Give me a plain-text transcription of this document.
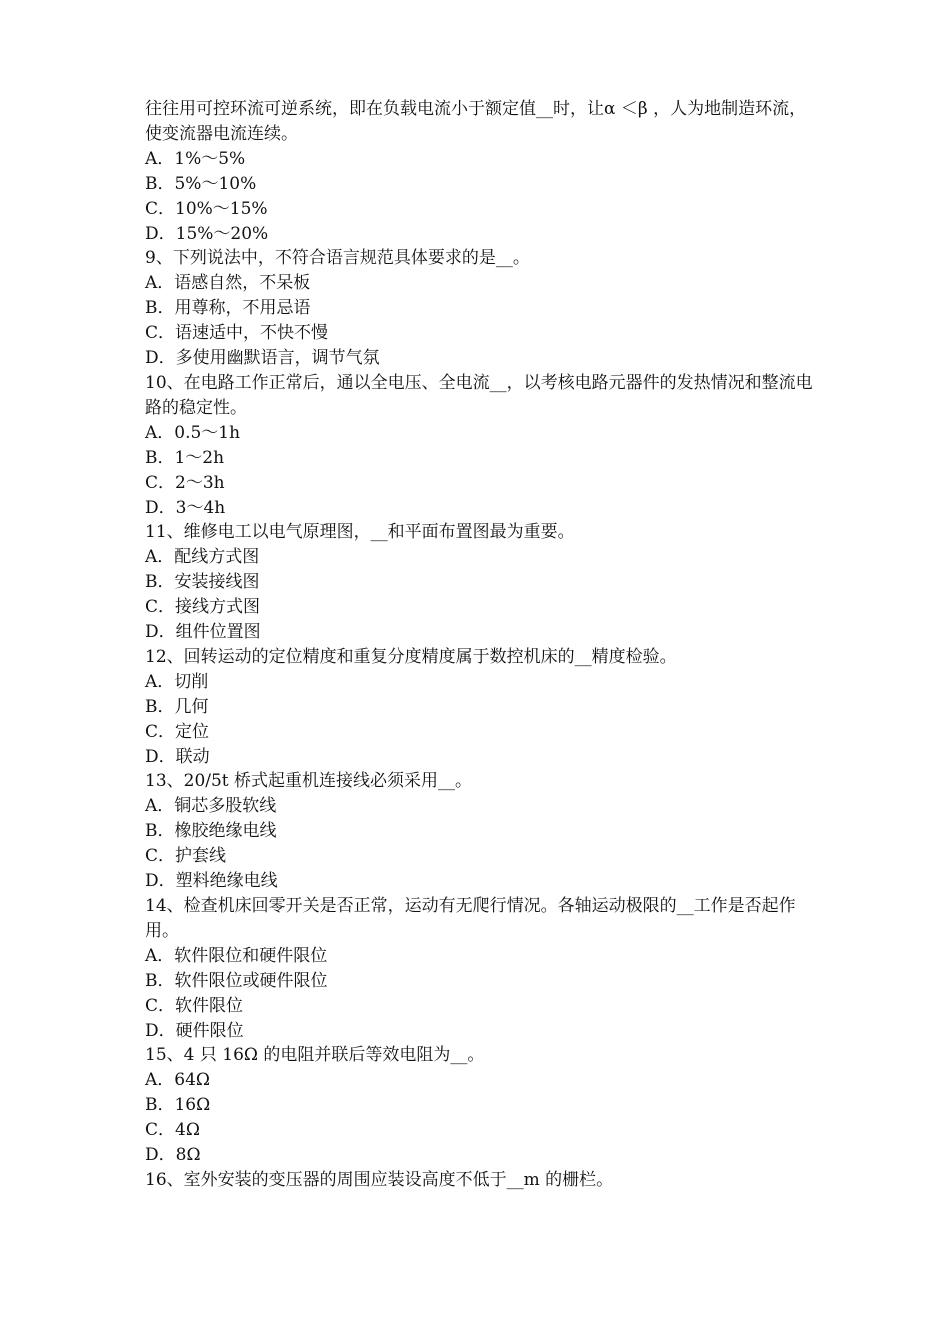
往往用可控环流可逆系统，即在负载电流小于额定值__时，让α ＜β ，人为地制造环流，使变流器电流连续。

A．1%～5%

B．5%～10%

C．10%～15%

D．15%～20%

9、下列说法中，不符合语言规范具体要求的是__。

A．语感自然，不呆板

B．用尊称，不用忌语

C．语速适中，不快不慢

D．多使用幽默语言，调节气氛

10、在电路工作正常后，通以全电压、全电流__，以考核电路元器件的发热情况和整流电路的稳定性。

A．0.5～1h

B．1～2h

C．2～3h

D．3～4h

11、维修电工以电气原理图，__和平面布置图最为重要。

A．配线方式图

B．安装接线图

C．接线方式图

D．组件位置图

12、回转运动的定位精度和重复分度精度属于数控机床的__精度检验。

A．切削

B．几何

C．定位

D．联动

13、20/5t 桥式起重机连接线必须采用__。

A．铜芯多股软线

B．橡胶绝缘电线

C．护套线

D．塑料绝缘电线

14、检查机床回零开关是否正常，运动有无爬行情况。各轴运动极限的__工作是否起作用。

A．软件限位和硬件限位

B．软件限位或硬件限位

C．软件限位

D．硬件限位

15、4 只 16Ω 的电阻并联后等效电阻为__。

A．64Ω

B．16Ω

C．4Ω

D．8Ω

16、室外安装的变压器的周围应装设高度不低于__m 的栅栏。
